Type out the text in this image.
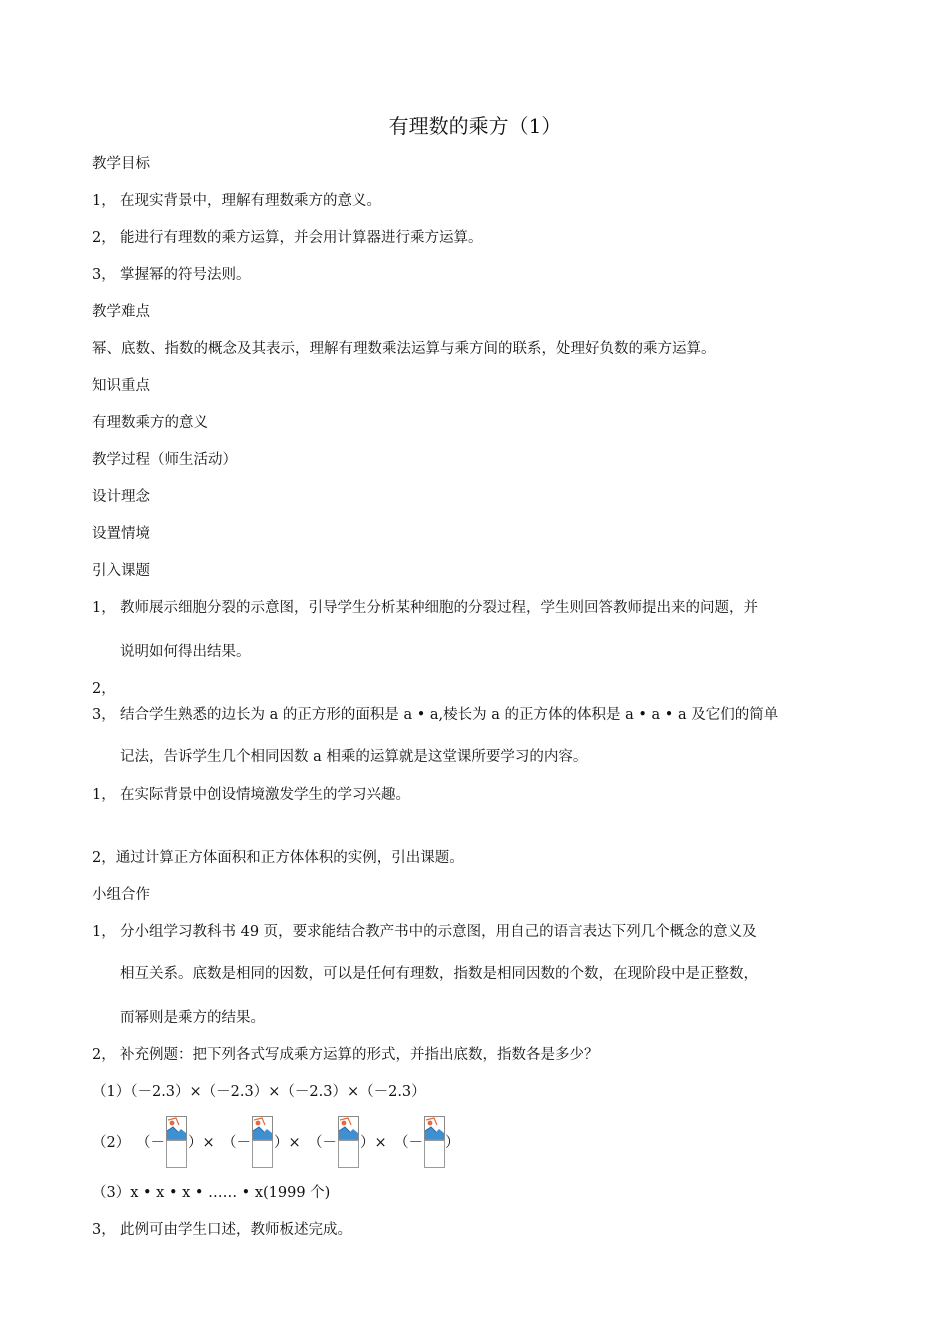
有理数的乘方（1）
教学目标
1， 在现实背景中，理解有理数乘方的意义。
2， 能进行有理数的乘方运算，并会用计算器进行乘方运算。
3， 掌握幂的符号法则。
教学难点
幂、底数、指数的概念及其表示，理解有理数乘法运算与乘方间的联系，处理好负数的乘方运算。
知识重点
有理数乘方的意义
教学过程（师生活动）
设计理念
设置情境
引入课题
1， 教师展示细胞分裂的示意图，引导学生分析某种细胞的分裂过程，学生则回答教师提出来的问题，并
说明如何得出结果。
2，
3， 结合学生熟悉的边长为 a 的正方形的面积是 a • a,棱长为 a 的正方体的体积是 a • a • a 及它们的简单
记法，告诉学生几个相同因数 a 相乘的运算就是这堂课所要学习的内容。
1， 在实际背景中创设情境激发学生的学习兴趣。
2，通过计算正方体面积和正方体体积的实例，引出课题。
小组合作
1， 分小组学习教科书 49 页，要求能结合教产书中的示意图，用自己的语言表达下列几个概念的意义及
相互关系。底数是相同的因数，可以是任何有理数，指数是相同因数的个数，在现阶段中是正整数，
而幂则是乘方的结果。
2， 补充例题：把下列各式写成乘方运算的形式，并指出底数，指数各是多少？
（1）（－2.3）×（－2.3）×（－2.3）×（－2.3）
（2） （－ ）× （－ ）× （－ ）× （－ ）
（3）x • x • x • …… • x(1999 个)
3， 此例可由学生口述，教师板述完成。
